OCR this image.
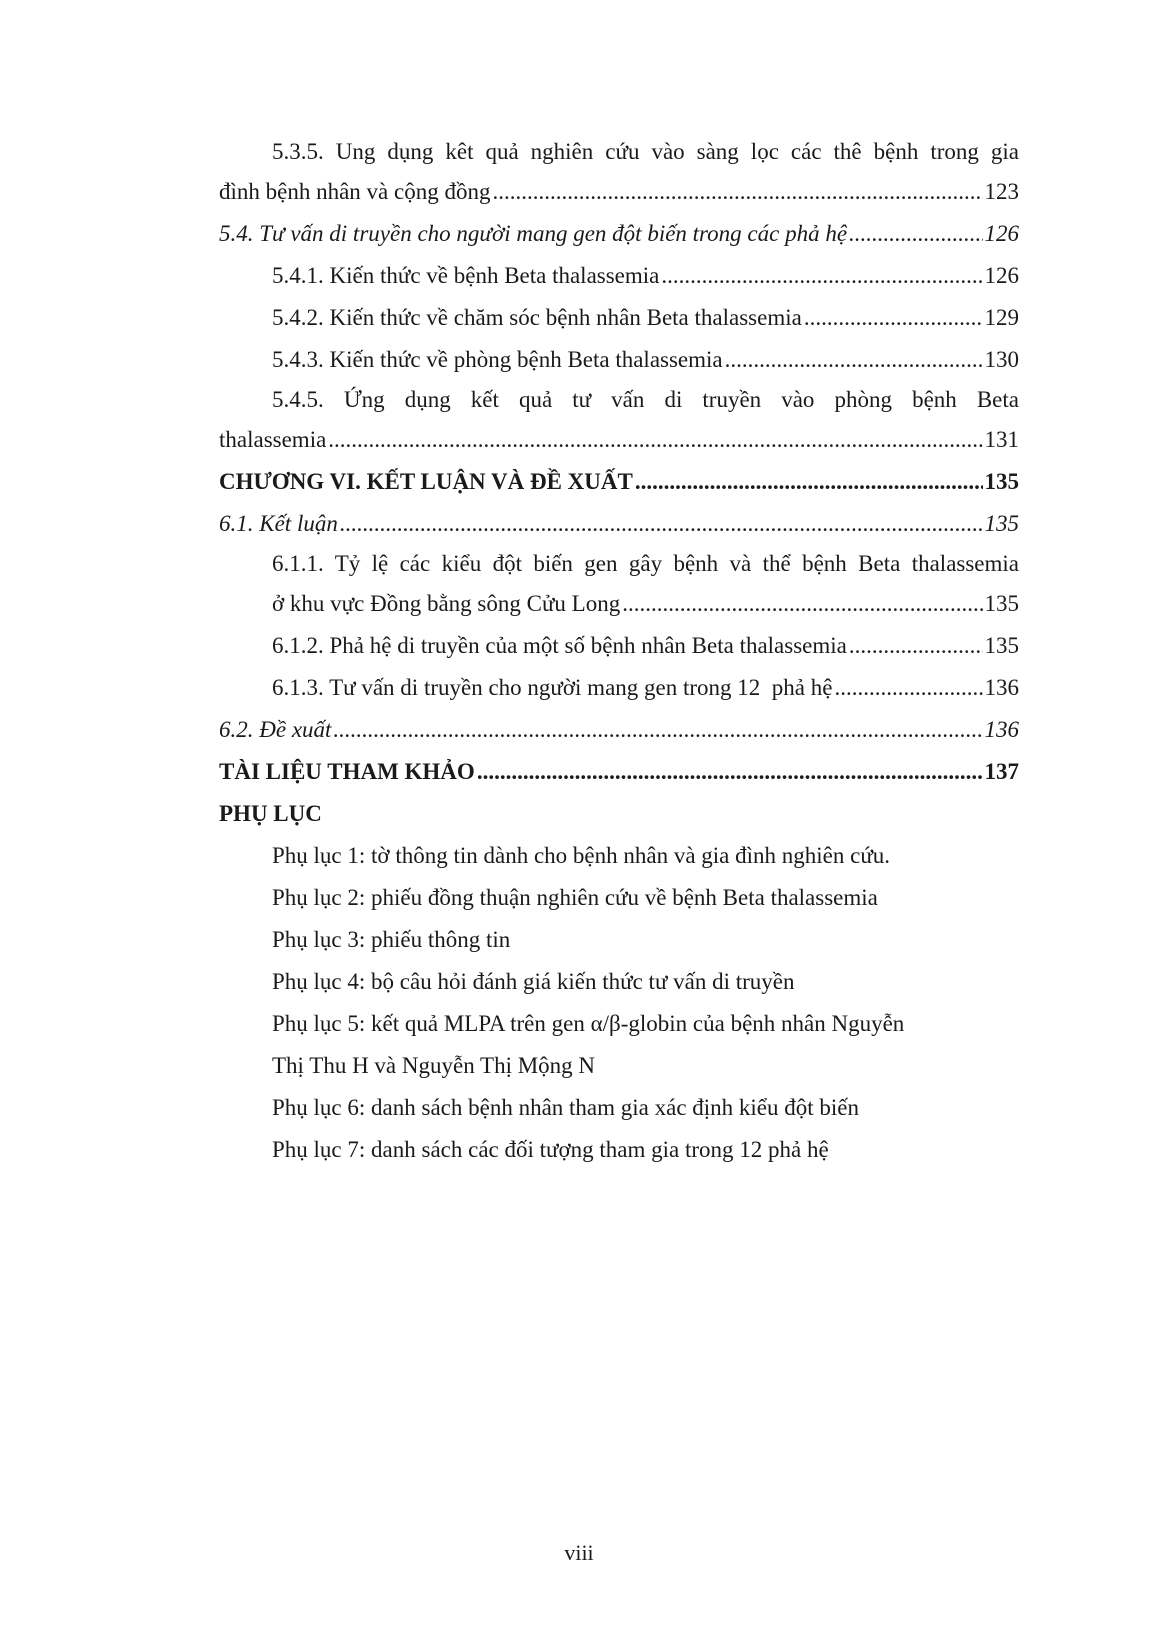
5.3.5. Ung dụng kêt quả nghiên cứu vào sàng lọc các thê bệnh trong gia
đình bệnh nhân và cộng đồng .....	123
5.4. Tư vấn di truyền cho người mang gen đột biến trong các phả hệ .....	126
5.4.1. Kiến thức về bệnh Beta thalassemia .....	126
5.4.2. Kiến thức về chăm sóc bệnh nhân Beta thalassemia .....	129
5.4.3. Kiến thức về phòng bệnh Beta thalassemia .....	130
5.4.5. Ứng dụng kết quả tư vấn di truyền vào phòng bệnh Beta
thalassemia .....	131
CHƯƠNG VI. KẾT LUẬN VÀ ĐỀ XUẤT .....	135
6.1. Kết luận .....	135
6.1.1. Tỷ lệ các kiểu đột biến gen gây bệnh và thể bệnh Beta thalassemia
ở khu vực Đồng bằng sông Cửu Long .....	135
6.1.2. Phả hệ di truyền của một số bệnh nhân Beta thalassemia .....	135
6.1.3. Tư vấn di truyền cho người mang gen trong 12  phả hệ .....	136
6.2. Đề xuất .....	136
TÀI LIỆU THAM KHẢO .....	137
PHỤ LỤC
Phụ lục 1: tờ thông tin dành cho bệnh nhân và gia đình nghiên cứu.
Phụ lục 2: phiếu đồng thuận nghiên cứu về bệnh Beta thalassemia
Phụ lục 3: phiếu thông tin
Phụ lục 4: bộ câu hỏi đánh giá kiến thức tư vấn di truyền
Phụ lục 5: kết quả MLPA trên gen α/β-globin của bệnh nhân Nguyễn
Thị Thu H và Nguyễn Thị Mộng N
Phụ lục 6: danh sách bệnh nhân tham gia xác định kiểu đột biến
Phụ lục 7: danh sách các đối tượng tham gia trong 12 phả hệ
viii
